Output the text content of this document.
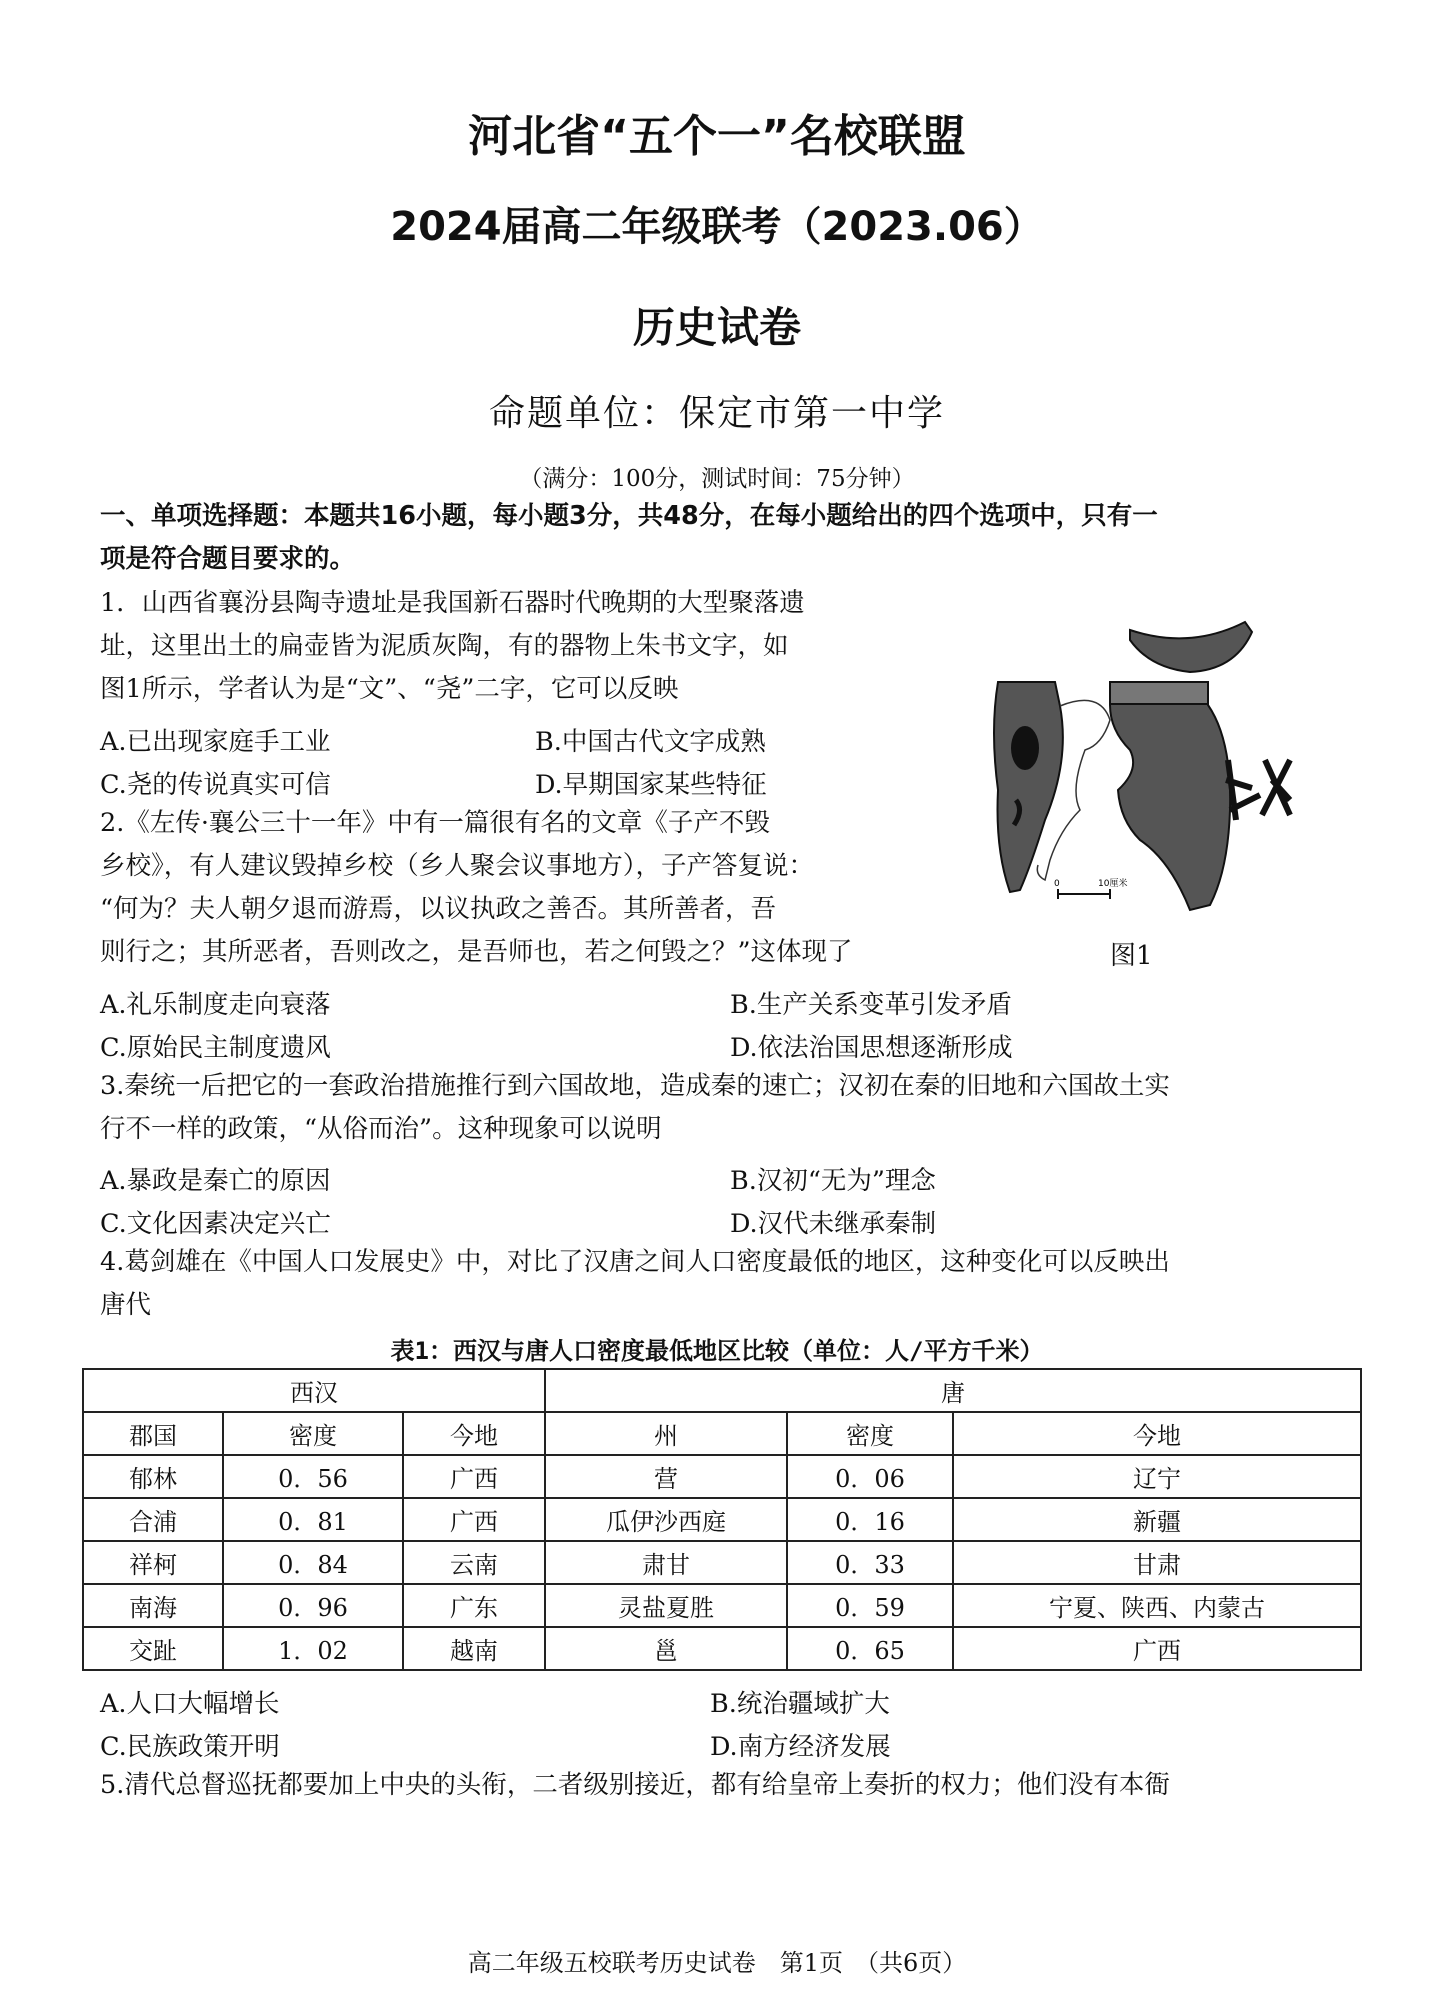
河北省“五个一”名校联盟
2024届高二年级联考（2023.06）
历史试卷
命题单位：保定市第一中学
（满分：100分，测试时间：75分钟）
一、单项选择题：本题共16小题，每小题3分，共48分，在每小题给出的四个选项中，只有一
项是符合题目要求的。
1．山西省襄汾县陶寺遗址是我国新石器时代晚期的大型聚落遗
址，这里出土的扁壶皆为泥质灰陶，有的器物上朱书文字，如
图1所示，学者认为是“文”、“尧”二字，它可以反映
A.已出现家庭手工业	B.中国古代文字成熟
C.尧的传说真实可信	D.早期国家某些特征
0	10厘米
图1
2.《左传·襄公三十一年》中有一篇很有名的文章《子产不毁
乡校》，有人建议毁掉乡校（乡人聚会议事地方），子产答复说：
“何为？夫人朝夕退而游焉，以议执政之善否。其所善者，吾
则行之；其所恶者，吾则改之，是吾师也，若之何毁之？”这体现了
A.礼乐制度走向衰落	B.生产关系变革引发矛盾
C.原始民主制度遗风	D.依法治国思想逐渐形成
3.秦统一后把它的一套政治措施推行到六国故地，造成秦的速亡；汉初在秦的旧地和六国故土实
行不一样的政策，“从俗而治”。这种现象可以说明
A.暴政是秦亡的原因	B.汉初“无为”理念
C.文化因素决定兴亡	D.汉代未继承秦制
4.葛剑雄在《中国人口发展史》中，对比了汉唐之间人口密度最低的地区，这种变化可以反映出
唐代
表1：西汉与唐人口密度最低地区比较（单位：人/平方千米）
西汉			唐		
郡国	密度	今地	州	密度	今地
郁林	0．56	广西	营	0．06	辽宁
合浦	0．81	广西	瓜伊沙西庭	0．16	新疆
祥柯	0．84	云南	肃甘	0．33	甘肃
南海	0．96	广东	灵盐夏胜	0．59	宁夏、陕西、内蒙古
交趾	1．02	越南	邕	0．65	广西
A.人口大幅增长	B.统治疆域扩大
C.民族政策开明	D.南方经济发展
5.清代总督巡抚都要加上中央的头衔，二者级别接近，都有给皇帝上奏折的权力；他们没有本衙
高二年级五校联考历史试卷　第1页　（共6页）
